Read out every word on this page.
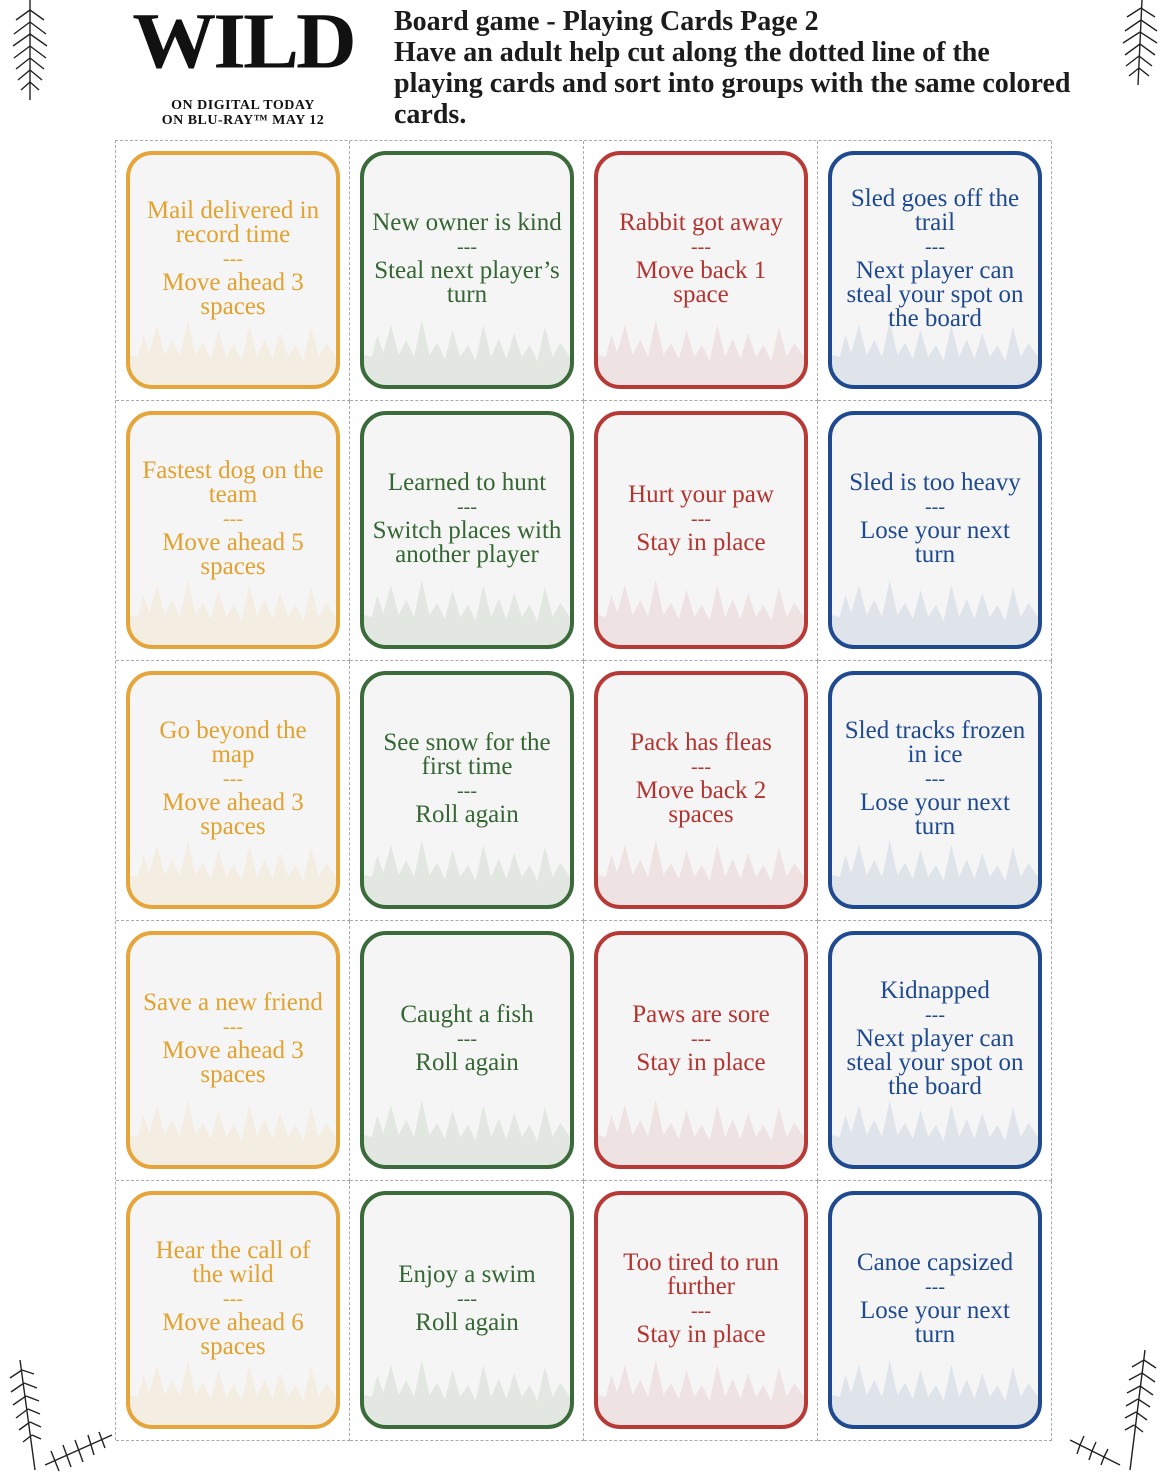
WILD
ON DIGITAL TODAY
ON BLU-RAY™ MAY 12
Board game - Playing Cards Page 2
Have an adult help cut along the dotted line of the playing cards and sort into groups with the same colored cards.
Mail delivered in record time
---
Move ahead 3 spaces
New owner is kind
---
Steal next player’s turn
Rabbit got away
---
Move back 1 space
Sled goes off the trail
---
Next player can steal your spot on the board
Fastest dog on the team
---
Move ahead 5 spaces
Learned to hunt
---
Switch places with another player
Hurt your paw
---
Stay in place
Sled is too heavy
---
Lose your next turn
Go beyond the map
---
Move ahead 3 spaces
See snow for the first time
---
Roll again
Pack has fleas
---
Move back 2 spaces
Sled tracks frozen in ice
---
Lose your next turn
Save a new friend
---
Move ahead 3 spaces
Caught a fish
---
Roll again
Paws are sore
---
Stay in place
Kidnapped
---
Next player can steal your spot on the board
Hear the call of the wild
---
Move ahead 6 spaces
Enjoy a swim
---
Roll again
Too tired to run further
---
Stay in place
Canoe capsized
---
Lose your next turn
